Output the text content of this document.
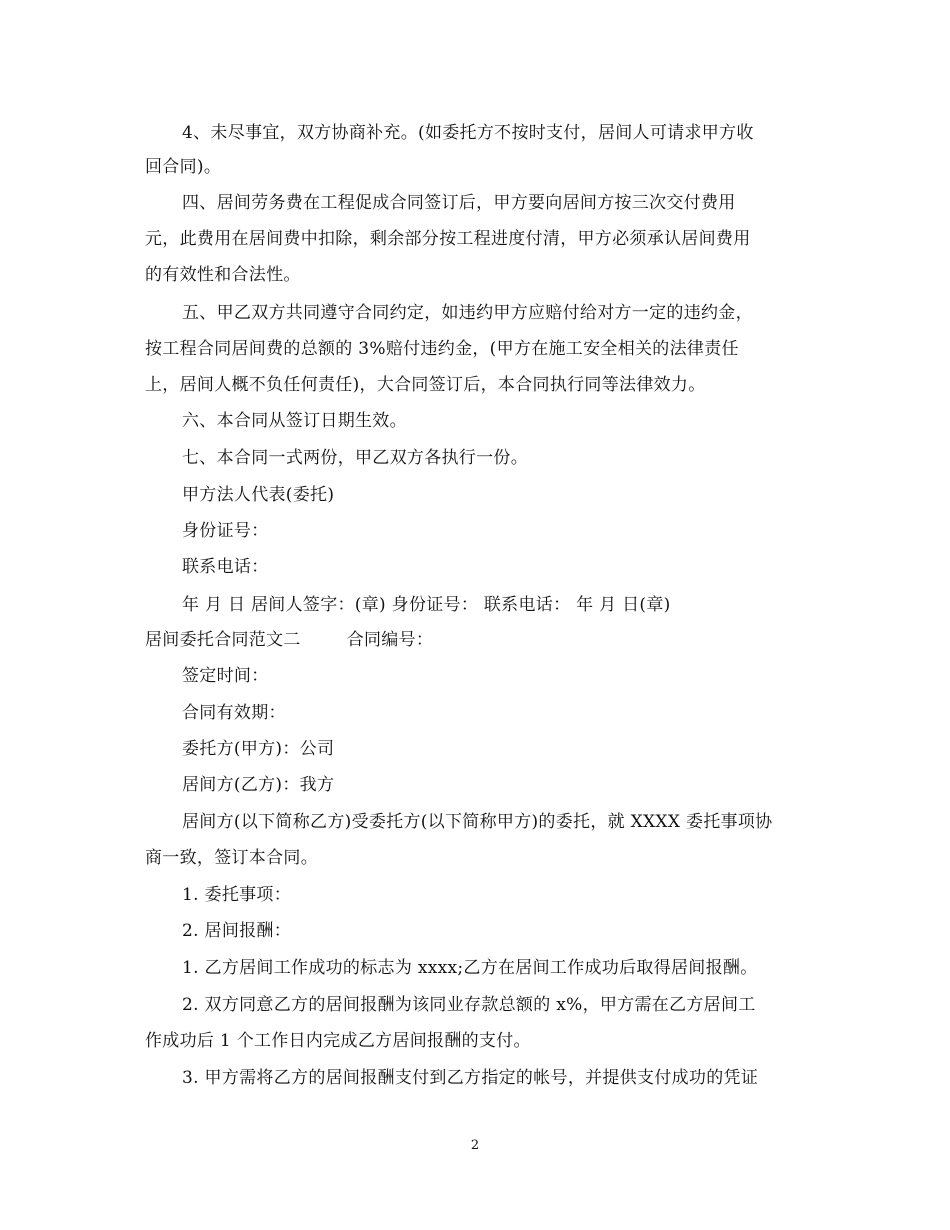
4、未尽事宜，双方协商补充。(如委托方不按时支付，居间人可请求甲方收
回合同)。
四、居间劳务费在工程促成合同签订后，甲方要向居间方按三次交付费用
元，此费用在居间费中扣除，剩余部分按工程进度付清，甲方必须承认居间费用
的有效性和合法性。
五、甲乙双方共同遵守合同约定，如违约甲方应赔付给对方一定的违约金，
按工程合同居间费的总额的 3%赔付违约金，(甲方在施工安全相关的法律责任
上，居间人概不负任何责任)，大合同签订后，本合同执行同等法律效力。
六、本合同从签订日期生效。
七、本合同一式两份，甲乙双方各执行一份。
甲方法人代表(委托)
身份证号：
联系电话：
年 月 日 居间人签字：(章) 身份证号： 联系电话： 年 月 日(章)
居间委托合同范文二	合同编号：
签定时间：
合同有效期：
委托方(甲方)：公司
居间方(乙方)：我方
居间方(以下简称乙方)受委托方(以下简称甲方)的委托，就 XXXX 委托事项协
商一致，签订本合同。
1. 委托事项：
2. 居间报酬：
1. 乙方居间工作成功的标志为 xxxx;乙方在居间工作成功后取得居间报酬。
2. 双方同意乙方的居间报酬为该同业存款总额的 x%，甲方需在乙方居间工
作成功后 1 个工作日内完成乙方居间报酬的支付。
3. 甲方需将乙方的居间报酬支付到乙方指定的帐号，并提供支付成功的凭证
2
